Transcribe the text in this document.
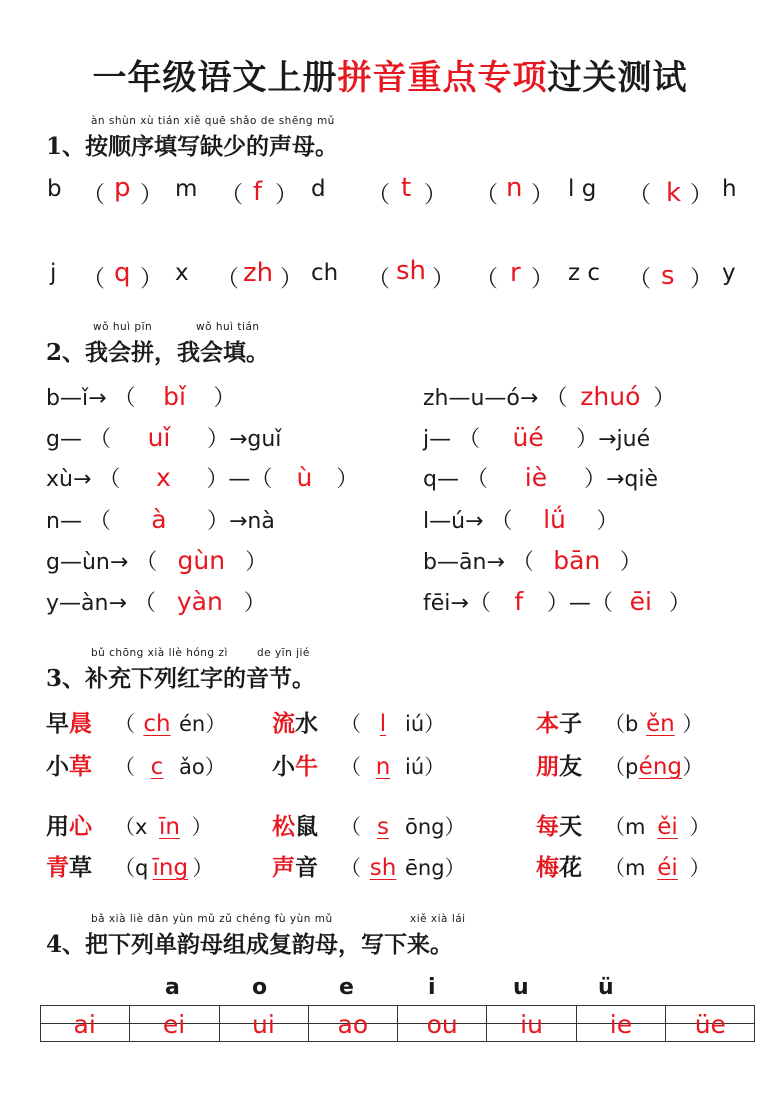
一年级语文上册拼音重点专项过关测试
àn shùn xù tián xiě quē shǎo de shēng mǔ
1、按顺序填写缺少的声母。
b （ p ） m （ f ） d （ t ） （ n ） l g （ k ） h
j （ q ） x （ zh ） ch （ sh ） （ r ） z c （ s ） y
wǒ huì pīn	wǒ huì tián
2、我会拼，我会填。
b—ǐ→ （ bǐ ）
g— （ uǐ ）→guǐ
xù→ （ x ）—（ ù ）
n— （ à ）→nà
g—ùn→ （ gùn ）
y—àn→ （ yàn ）
zh—u—ó→ （ zhuó ）
j— （ üé ）→jué
q— （ iè ）→qiè
l—ú→ （ lǘ ）
b—ān→ （ bān ）
fēi→（ f ）—（ ēi ）
bǔ chōng xià liè hóng zì	de yīn jié
3、补充下列红字的音节。
早晨 （ ch én） 流水 （ l iú）	本子 （b ěn ）
小草 （ c ǎo） 小牛 （ n iú）	朋友 （péng）
用心 （x īn ）	松鼠 （ s ōng）	每天 （m ěi ）
青草 （q īng ）	声音 （ sh ēng）	梅花 （m éi ）
bǎ xià liè dān yùn mǔ zǔ chéng fù yùn mǔ	xiě xià lái
4、把下列单韵母组成复韵母，写下来。
a	o	e	i	u	ü

ai	ei	ui	ao	ou	iu	ie	üe
